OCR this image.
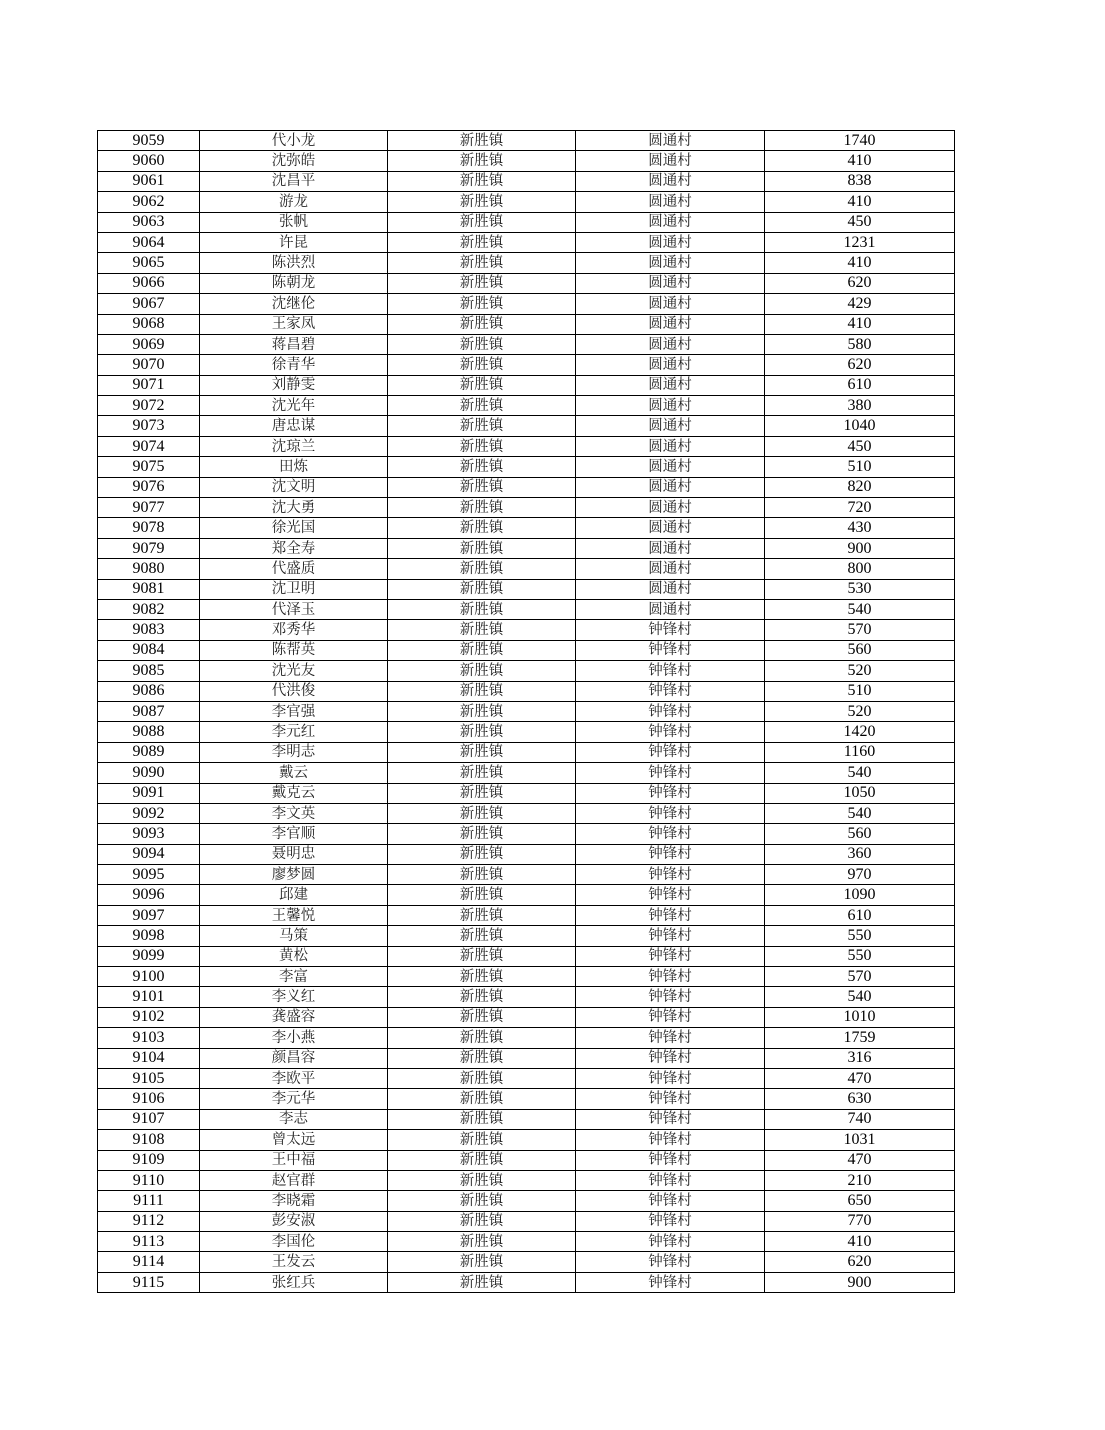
9059	代小龙	新胜镇	圆通村	1740
9060	沈弥皓	新胜镇	圆通村	410
9061	沈昌平	新胜镇	圆通村	838
9062	游龙	新胜镇	圆通村	410
9063	张帆	新胜镇	圆通村	450
9064	许昆	新胜镇	圆通村	1231
9065	陈洪烈	新胜镇	圆通村	410
9066	陈朝龙	新胜镇	圆通村	620
9067	沈继伦	新胜镇	圆通村	429
9068	王家凤	新胜镇	圆通村	410
9069	蒋昌碧	新胜镇	圆通村	580
9070	徐青华	新胜镇	圆通村	620
9071	刘静雯	新胜镇	圆通村	610
9072	沈光年	新胜镇	圆通村	380
9073	唐忠谋	新胜镇	圆通村	1040
9074	沈琼兰	新胜镇	圆通村	450
9075	田炼	新胜镇	圆通村	510
9076	沈文明	新胜镇	圆通村	820
9077	沈大勇	新胜镇	圆通村	720
9078	徐光国	新胜镇	圆通村	430
9079	郑全寿	新胜镇	圆通村	900
9080	代盛质	新胜镇	圆通村	800
9081	沈卫明	新胜镇	圆通村	530
9082	代泽玉	新胜镇	圆通村	540
9083	邓秀华	新胜镇	钟锋村	570
9084	陈帮英	新胜镇	钟锋村	560
9085	沈光友	新胜镇	钟锋村	520
9086	代洪俊	新胜镇	钟锋村	510
9087	李官强	新胜镇	钟锋村	520
9088	李元红	新胜镇	钟锋村	1420
9089	李明志	新胜镇	钟锋村	1160
9090	戴云	新胜镇	钟锋村	540
9091	戴克云	新胜镇	钟锋村	1050
9092	李文英	新胜镇	钟锋村	540
9093	李官顺	新胜镇	钟锋村	560
9094	聂明忠	新胜镇	钟锋村	360
9095	廖梦圆	新胜镇	钟锋村	970
9096	邱建	新胜镇	钟锋村	1090
9097	王馨悦	新胜镇	钟锋村	610
9098	马策	新胜镇	钟锋村	550
9099	黄松	新胜镇	钟锋村	550
9100	李富	新胜镇	钟锋村	570
9101	李义红	新胜镇	钟锋村	540
9102	龚盛容	新胜镇	钟锋村	1010
9103	李小燕	新胜镇	钟锋村	1759
9104	颜昌容	新胜镇	钟锋村	316
9105	李欧平	新胜镇	钟锋村	470
9106	李元华	新胜镇	钟锋村	630
9107	李志	新胜镇	钟锋村	740
9108	曾太远	新胜镇	钟锋村	1031
9109	王中福	新胜镇	钟锋村	470
9110	赵官群	新胜镇	钟锋村	210
9111	李晓霜	新胜镇	钟锋村	650
9112	彭安淑	新胜镇	钟锋村	770
9113	李国伦	新胜镇	钟锋村	410
9114	王发云	新胜镇	钟锋村	620
9115	张红兵	新胜镇	钟锋村	900
